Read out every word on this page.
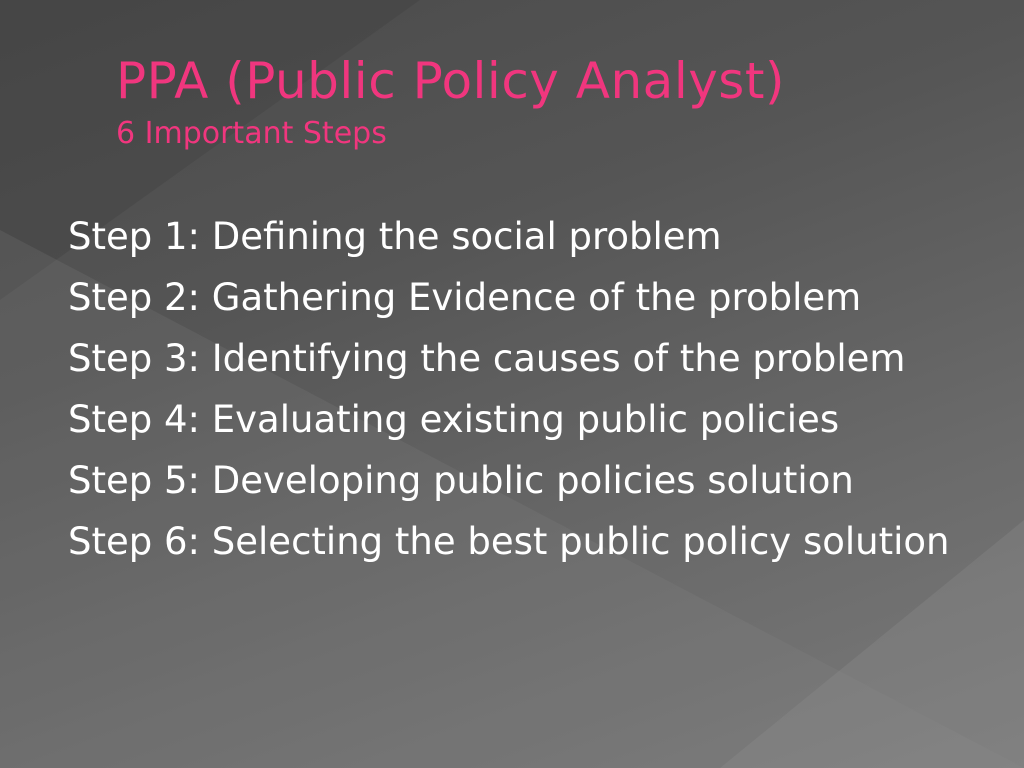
PPA (Public Policy Analyst)
6 Important Steps
Step 1: Defining the social problem
Step 2: Gathering Evidence of the problem
Step 3: Identifying the causes of the problem
Step 4: Evaluating existing public policies
Step 5: Developing public policies solution
Step 6: Selecting the best public policy solution
